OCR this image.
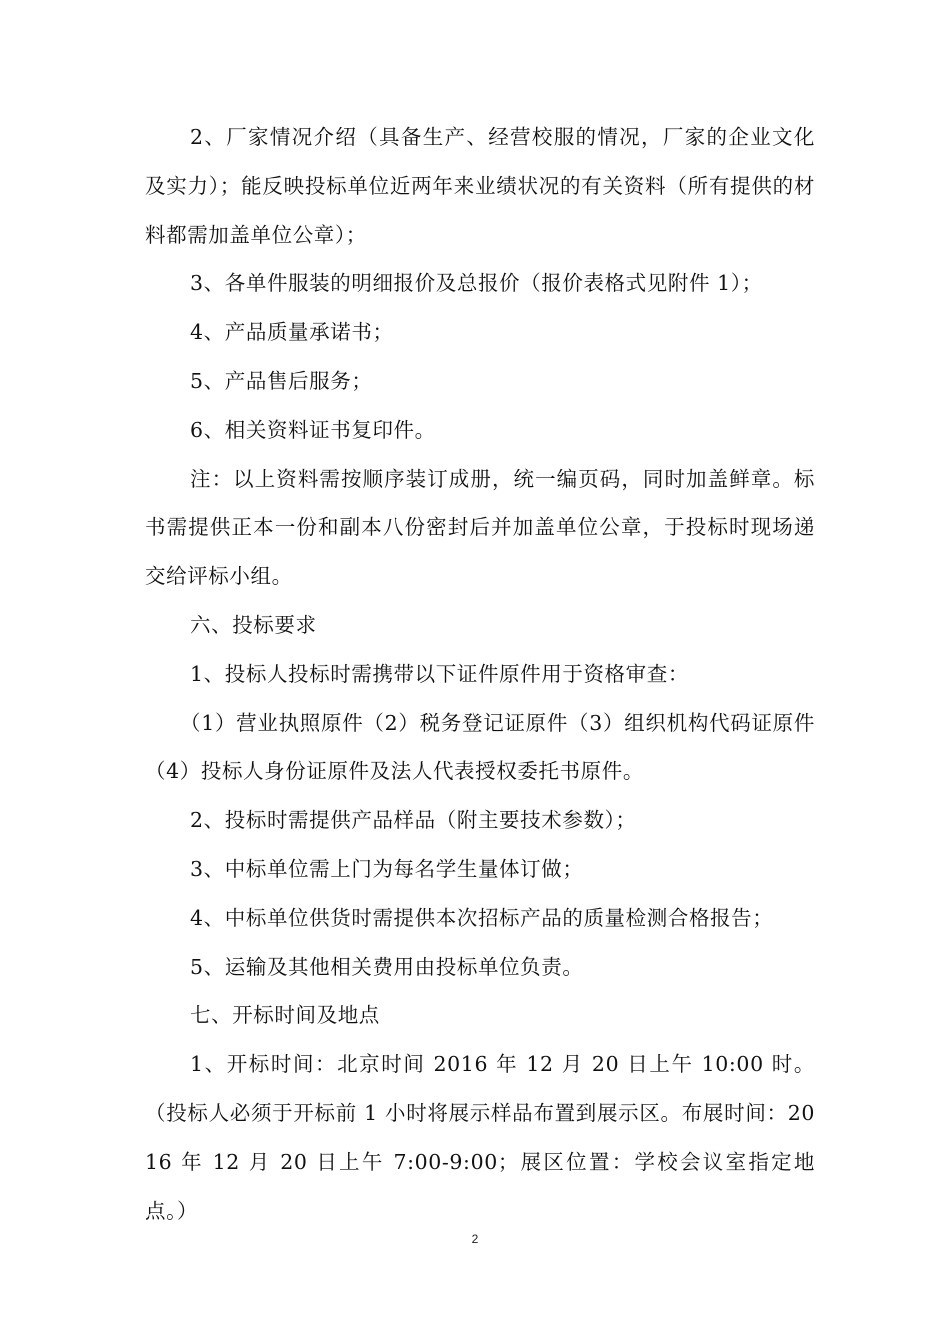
2、厂家情况介绍（具备生产、经营校服的情况，厂家的企业文化及实力）；能反映投标单位近两年来业绩状况的有关资料（所有提供的材料都需加盖单位公章）；

3、各单件服装的明细报价及总报价（报价表格式见附件 1）；

4、产品质量承诺书；

5、产品售后服务；

6、相关资料证书复印件。

注：以上资料需按顺序装订成册，统一编页码，同时加盖鲜章。标书需提供正本一份和副本八份密封后并加盖单位公章，于投标时现场递交给评标小组。

六、投标要求

1、投标人投标时需携带以下证件原件用于资格审查：

（1）营业执照原件（2）税务登记证原件（3）组织机构代码证原件（4）投标人身份证原件及法人代表授权委托书原件。

2、投标时需提供产品样品（附主要技术参数）；

3、中标单位需上门为每名学生量体订做；

4、中标单位供货时需提供本次招标产品的质量检测合格报告；

5、运输及其他相关费用由投标单位负责。

七、开标时间及地点

1、开标时间：北京时间 2016 年 12 月 20 日上午 10:00 时。（投标人必须于开标前 1 小时将展示样品布置到展示区。布展时间：2016 年 12 月 20 日上午 7:00-9:00；展区位置：学校会议室指定地点。）

2
